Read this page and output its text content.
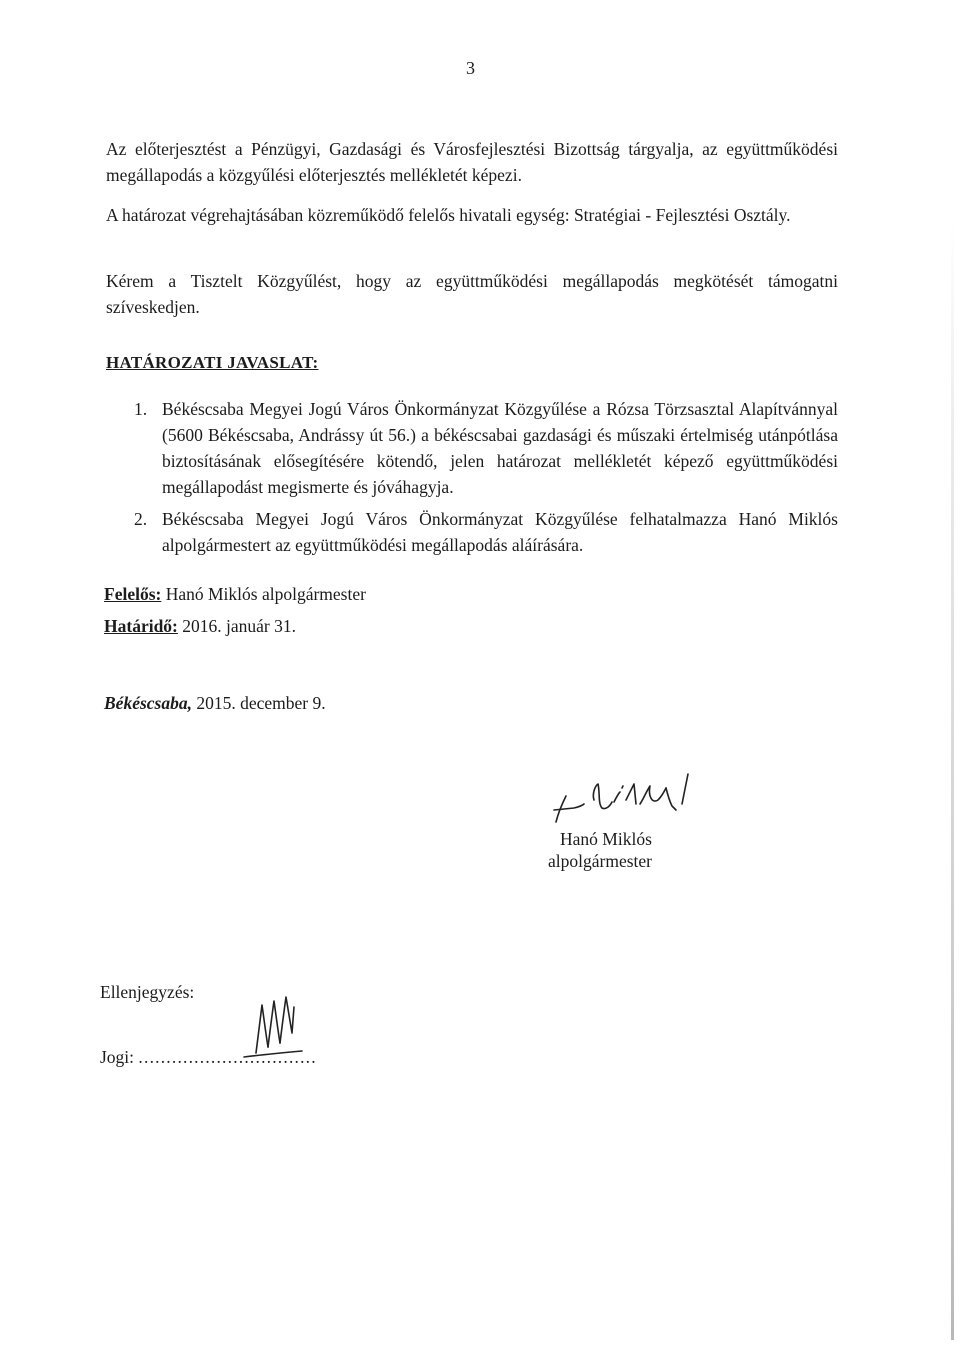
3
Az előterjesztést a Pénzügyi, Gazdasági és Városfejlesztési Bizottság tárgyalja, az együttműködési megállapodás a közgyűlési előterjesztés mellékletét képezi.
A határozat végrehajtásában közreműködő felelős hivatali egység: Stratégiai - Fejlesztési Osztály.
Kérem a Tisztelt Közgyűlést, hogy az együttműködési megállapodás megkötését támogatni szíveskedjen.
HATÁROZATI JAVASLAT:
1. Békéscsaba Megyei Jogú Város Önkormányzat Közgyűlése a Rózsa Törzsasztal Alapítvánnyal (5600 Békéscsaba, Andrássy út 56.) a békéscsabai gazdasági és műszaki értelmiség utánpótlása biztosításának elősegítésére kötendő, jelen határozat mellékletét képező együttműködési megállapodást megismerte és jóváhagyja.
2. Békéscsaba Megyei Jogú Város Önkormányzat Közgyűlése felhatalmazza Hanó Miklós alpolgármestert az együttműködési megállapodás aláírására.
Felelős: Hanó Miklós alpolgármester
Határidő: 2016. január 31.
Békéscsaba, 2015. december 9.
Hanó Miklós
alpolgármester
Ellenjegyzés:
Jogi: ................................
